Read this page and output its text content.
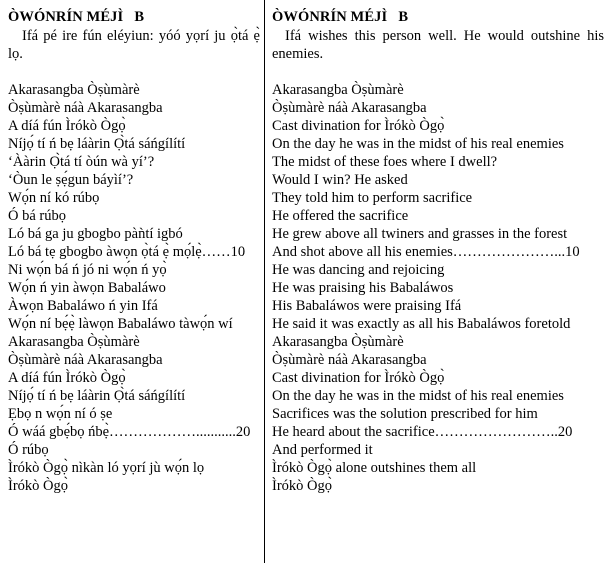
ÒWÓNRÍN MÉJÌ   B

Ifá pé ire fún eléyiun: yóó yọrí ju ọ̀tá ẹ̀ lọ.

Akarasangba Òṣùmàrè
Òṣùmàrè náà Akarasangba
A díá fún Ìrókò Ògọ̀
Níjọ́ tí ń bẹ láàrin Ọ̀tá sáńgílítí
‘Ààrin Ọ̀tá tí òún wà yí’?
‘Òun le ṣẹ́gun báyìí’?
Wọ́n ní kó rúbọ
Ó bá rúbọ
Ló bá ga ju gbogbo pàǹtí igbó
Ló bá tẹ gbogbo àwọn ọ̀tá ẹ̀ mọ́lẹ̀……10
Ni wọ́n bá ń jó ni wọ́n ń yọ̀
Wọ́n ń yin àwọn Babaláwo
Àwọn Babaláwo ń yin Ifá
Wọ́n ní bẹ́ẹ̀ làwọn Babaláwo tàwọ́n wí
Akarasangba Òṣùmàrè
Òṣùmàrè náà Akarasangba
A díá fún Ìrókò Ògọ̀
Níjọ́ tí ń bẹ láàrin Ọ̀tá sáńgílítí
Ẹbọ n wọ́n ní ó ṣe
Ó wáá gbẹ́bọ ńbẹ̀………………...........20
Ó rúbọ
Ìrókò Ògọ̀ nìkàn ló yọrí jù wọ́n lọ
Ìrókò Ògọ̀
ÒWÓNRÍN MÉJÌ   B

Ifá wishes this person well. He would outshine his enemies.

Akarasangba Òṣùmàrè
Òṣùmàrè náà Akarasangba
Cast divination for Ìrókò Ògọ̀
On the day he was in the midst of his real enemies
The midst of these foes where I dwell?
Would I win? He asked
They told him to perform sacrifice
He offered the sacrifice
He grew above all twiners and grasses in the forest
And shot above all his enemies…………………...10
He was dancing and rejoicing
He was praising his Babaláwos
His Babaláwos were praising Ifá
He said it was exactly as all his Babaláwos foretold
Akarasangba Òṣùmàrè
Òṣùmàrè náà Akarasangba
Cast divination for Ìrókò Ògọ̀
On the day he was in the midst of his real enemies
Sacrifices was the solution prescribed for him
He heard about the sacrifice……………………..20
And performed it
Ìrókò Ògọ̀ alone outshines them all
Ìrókò Ògọ̀
